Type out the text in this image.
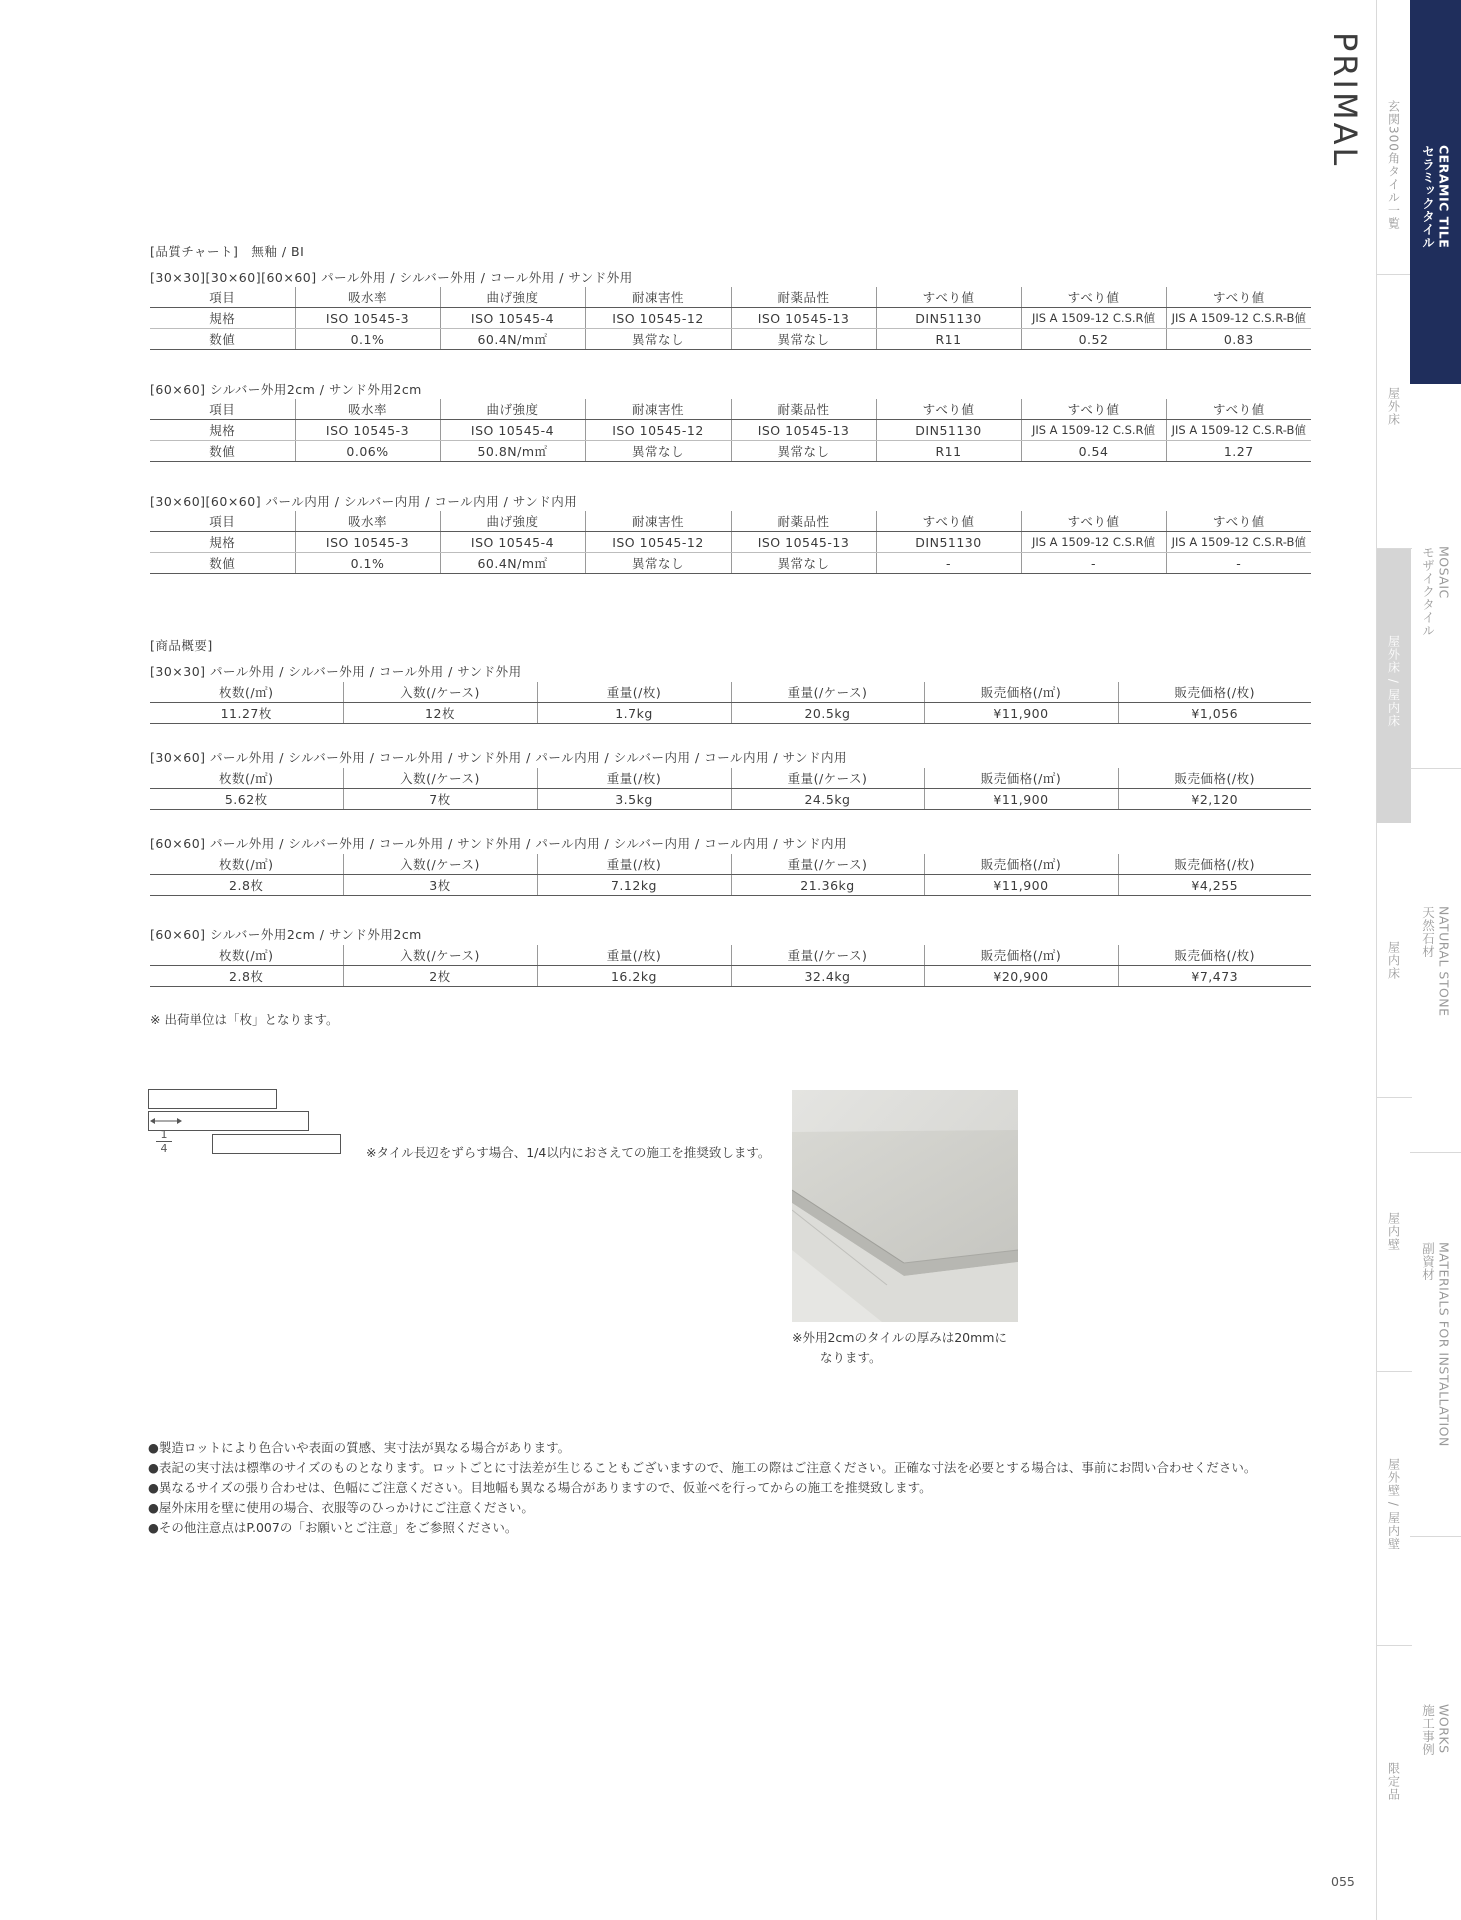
PRIMAL 玄関300角タイル一覧
屋外床
屋外床 / 屋内床
屋内床
屋内壁
屋外壁 / 屋内壁
限定品
CERAMIC TILE
セラミックタイル
MOSAIC
モザイクタイル
NATURAL STONE
天然石材
MATERIALS FOR INSTALLATION
副資材
WORKS
施工事例
[品質チャート]　無釉 / BⅠ
[30×30][30×60][60×60] パール外用 / シルバー外用 / コール外用 / サンド外用
項目	吸水率	曲げ強度	耐凍害性	耐薬品性	すべり値	すべり値	すべり値
規格	ISO 10545-3	ISO 10545-4	ISO 10545-12	ISO 10545-13	DIN51130	JIS A 1509-12 C.S.R値	JIS A 1509-12 C.S.R-B値
数値	0.1%	60.4N/m㎡	異常なし	異常なし	R11	0.52	0.83
[60×60] シルバー外用2cm / サンド外用2cm
項目	吸水率	曲げ強度	耐凍害性	耐薬品性	すべり値	すべり値	すべり値
規格	ISO 10545-3	ISO 10545-4	ISO 10545-12	ISO 10545-13	DIN51130	JIS A 1509-12 C.S.R値	JIS A 1509-12 C.S.R-B値
数値	0.06%	50.8N/m㎡	異常なし	異常なし	R11	0.54	1.27
[30×60][60×60] パール内用 / シルバー内用 / コール内用 / サンド内用
項目	吸水率	曲げ強度	耐凍害性	耐薬品性	すべり値	すべり値	すべり値
規格	ISO 10545-3	ISO 10545-4	ISO 10545-12	ISO 10545-13	DIN51130	JIS A 1509-12 C.S.R値	JIS A 1509-12 C.S.R-B値
数値	0.1%	60.4N/m㎡	異常なし	異常なし	-	-	-
[商品概要]
[30×30] パール外用 / シルバー外用 / コール外用 / サンド外用
枚数(/㎡)	入数(/ケース)	重量(/枚)	重量(/ケース)	販売価格(/㎡)	販売価格(/枚)
11.27枚	12枚	1.7kg	20.5kg	¥11,900	¥1,056
[30×60] パール外用 / シルバー外用 / コール外用 / サンド外用 / パール内用 / シルバー内用 / コール内用 / サンド内用
枚数(/㎡)	入数(/ケース)	重量(/枚)	重量(/ケース)	販売価格(/㎡)	販売価格(/枚)
5.62枚	7枚	3.5kg	24.5kg	¥11,900	¥2,120
[60×60] パール外用 / シルバー外用 / コール外用 / サンド外用 / パール内用 / シルバー内用 / コール内用 / サンド内用
枚数(/㎡)	入数(/ケース)	重量(/枚)	重量(/ケース)	販売価格(/㎡)	販売価格(/枚)
2.8枚	3枚	7.12kg	21.36kg	¥11,900	¥4,255
[60×60] シルバー外用2cm / サンド外用2cm
枚数(/㎡)	入数(/ケース)	重量(/枚)	重量(/ケース)	販売価格(/㎡)	販売価格(/枚)
2.8枚	2枚	16.2kg	32.4kg	¥20,900	¥7,473
※ 出荷単位は「枚」となります。
$\frac{1}{4}$	※タイル長辺をずらす場合、1/4以内におさえての施工を推奨致します。
※外用2cmのタイルの厚みは20mmに
なります。
●製造ロットにより色合いや表面の質感、実寸法が異なる場合があります。
●表記の実寸法は標準のサイズのものとなります。ロットごとに寸法差が生じることもございますので、施工の際はご注意ください。正確な寸法を必要とする場合は、事前にお問い合わせください。
●異なるサイズの張り合わせは、色幅にご注意ください。目地幅も異なる場合がありますので、仮並べを行ってからの施工を推奨致します。
●屋外床用を壁に使用の場合、衣服等のひっかけにご注意ください。
●その他注意点はP.007の「お願いとご注意」をご参照ください。
055
